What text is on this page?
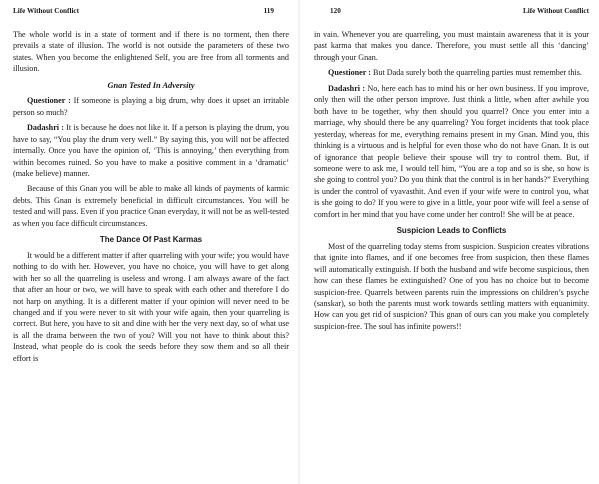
Life Without Conflict	119

The whole world is in a state of torment and if there is no torment, then there prevails a state of illusion. The world is not outside the parameters of these two states. When you become the enlightened Self, you are free from all torments and illusion.

Gnan Tested In Adversity

Questioner : If someone is playing a big drum, why does it upset an irritable person so much?

Dadashri : It is because he does not like it. If a person is playing the drum, you have to say, “You play the drum very well.” By saying this, you will not be affected internally. Once you have the opinion of, ‘This is annoying,’ then everything from within becomes ruined. So you have to make a positive comment in a ‘dramatic’ (make believe) manner.

Because of this Gnan you will be able to make all kinds of payments of karmic debts. This Gnan is extremely beneficial in difficult circumstances. You will be tested and will pass. Even if you practice Gnan everyday, it will not be as well-tested as when you face difficult circumstances.

The Dance Of Past Karmas

It would be a different matter if after quarreling with your wife; you would have nothing to do with her. However, you have no choice, you will have to get along with her so all the quarreling is useless and wrong. I am always aware of the fact that after an hour or two, we will have to speak with each other and therefore I do not harp on anything. It is a different matter if your opinion will never need to be changed and if you were never to sit with your wife again, then your quarreling is correct. But here, you have to sit and dine with her the very next day, so of what use is all the drama between the two of you? Will you not have to think about this? Instead, what people do is cook the seeds before they sow them and so all their effort is

120	Life Without Conflict

in vain. Whenever you are quarreling, you must maintain awareness that it is your past karma that makes you dance. Therefore, you must settle all this ‘dancing’ through your Gnan.

Questioner : But Dada surely both the quarreling parties must remember this.

Dadashri : No, here each has to mind his or her own business. If you improve, only then will the other person improve. Just think a little, when after awhile you both have to be together, why then should you quarrel? Once you enter into a marriage, why should there be any quarreling? You forget incidents that took place yesterday, whereas for me, everything remains present in my Gnan. Mind you, this thinking is a virtuous and is helpful for even those who do not have Gnan. It is out of ignorance that people believe their spouse will try to control them. But, if someone were to ask me, I would tell him, “You are a top and so is she, so how is she going to control you? Do you think that the control is in her hands?” Everything is under the control of vyavasthit. And even if your wife were to control you, what is she going to do? If you were to give in a little, your poor wife will feel a sense of comfort in her mind that you have come under her control! She will be at peace.

Suspicion Leads to Conflicts

Most of the quarreling today stems from suspicion. Suspicion creates vibrations that ignite into flames, and if one becomes free from suspicion, then these flames will automatically extinguish. If both the husband and wife become suspicious, then how can these flames be extinguished? One of you has no choice but to become suspicion-free. Quarrels between parents ruin the impressions on children’s psyche (sanskar), so both the parents must work towards settling matters with equanimity. How can you get rid of suspicion? This gnan of ours can you make you completely suspicion-free. The soul has infinite powers!!
